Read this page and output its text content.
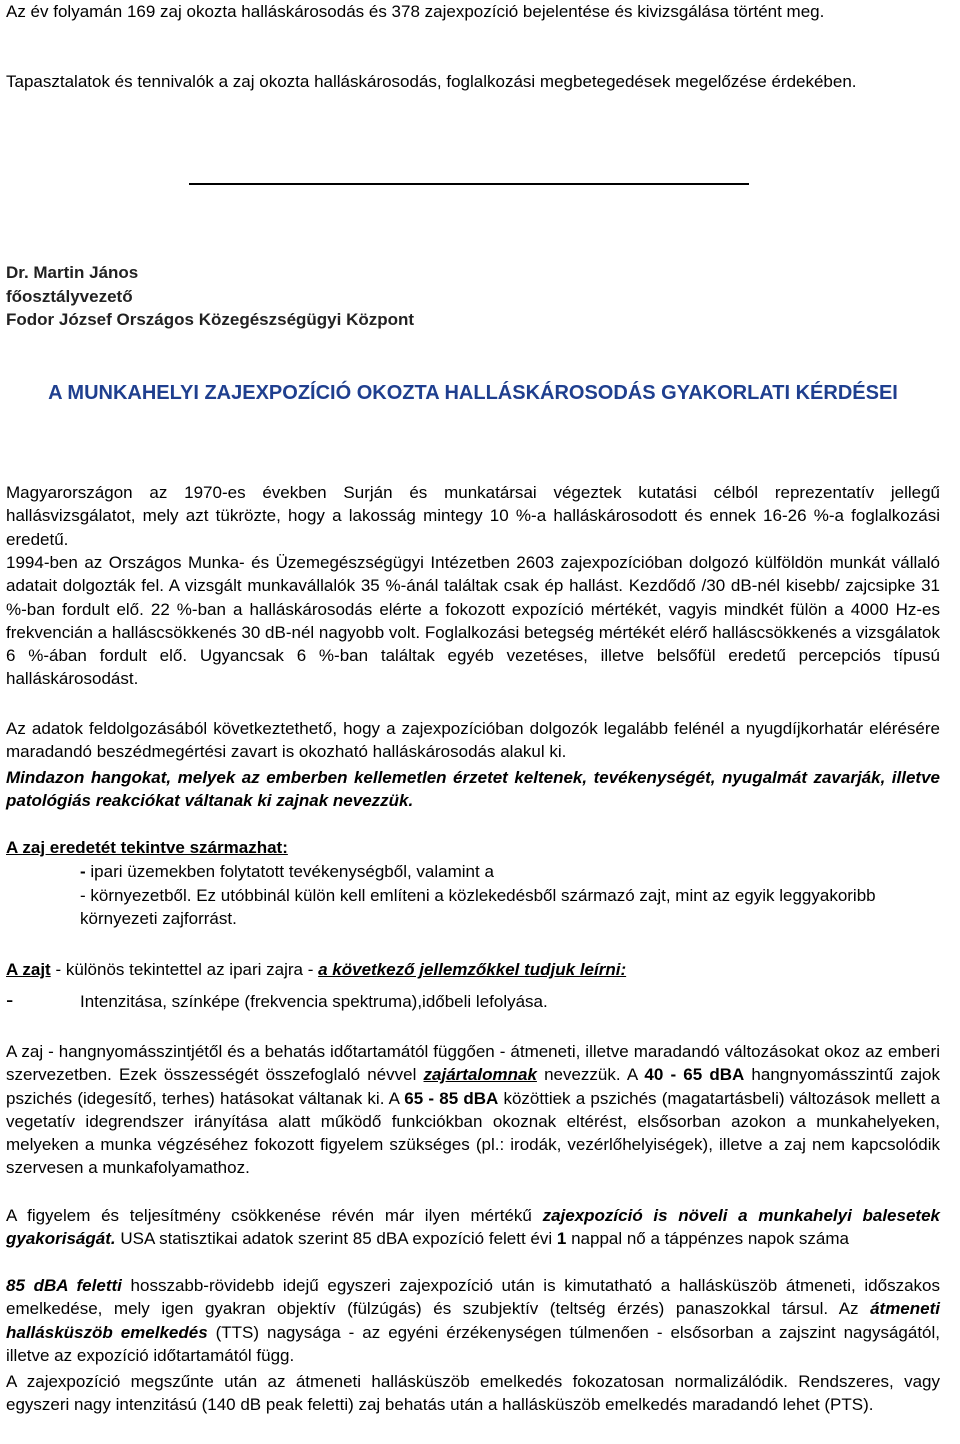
Az év folyamán 169 zaj okozta halláskárosodás és 378 zajexpozíció bejelentése és kivizsgálása történt meg.

Tapasztalatok és tennivalók a zaj okozta halláskárosodás, foglalkozási megbetegedések megelőzése érdekében.

Dr. Martin János
főosztályvezető
Fodor József Országos Közegészségügyi Központ
A MUNKAHELYI ZAJEXPOZÍCIÓ OKOZTA HALLÁSKÁROSODÁS GYAKORLATI KÉRDÉSEI

Magyarországon az 1970-es években Surján és munkatársai végeztek kutatási célból reprezentatív jellegű hallásvizsgálatot, mely azt tükrözte, hogy a lakosság mintegy 10 %-a halláskárosodott és ennek 16-26 %-a foglalkozási eredetű.

1994-ben az Országos Munka- és Üzemegészségügyi Intézetben 2603 zajexpozícióban dolgozó külföldön munkát vállaló adatait dolgozták fel. A vizsgált munkavállalók 35 %-ánál találtak csak ép hallást. Kezdődő /30 dB-nél kisebb/ zajcsipke 31 %-ban fordult elő. 22 %-ban a halláskárosodás elérte a fokozott expozíció mértékét, vagyis mindkét fülön a 4000 Hz-es frekvencián a halláscsökkenés 30 dB-nél nagyobb volt. Foglalkozási betegség mértékét elérő halláscsökkenés a vizsgálatok 6 %-ában fordult elő. Ugyancsak 6 %-ban találtak egyéb vezetéses, illetve belsőfül eredetű percepciós típusú halláskárosodást.

Az adatok feldolgozásából következtethető, hogy a zajexpozícióban dolgozók legalább felénél a nyugdíjkorhatár elérésére maradandó beszédmegértési zavart is okozható halláskárosodás alakul ki.

Mindazon hangokat, melyek az emberben kellemetlen érzetet keltenek, tevékenységét, nyugalmát zavarják, illetve patológiás reakciókat váltanak ki zajnak nevezzük.

A zaj eredetét tekintve származhat:

- ipari üzemekben folytatott tevékenységből, valamint a

- környezetből. Ez utóbbinál külön kell említeni a közlekedésből származó zajt, mint az egyik leggyakoribb környezeti zajforrást.

A zajt - különös tekintettel az ipari zajra - a következő jellemzőkkel tudjuk leírni:

-	Intenzitása, színképe (frekvencia spektruma),időbeli lefolyása.

A zaj - hangnyomásszintjétől és a behatás időtartamától függően - átmeneti, illetve maradandó változásokat okoz az emberi szervezetben. Ezek összességét összefoglaló névvel zajártalomnak nevezzük. A 40 - 65 dBA hangnyomásszintű zajok pszichés (idegesítő, terhes) hatásokat váltanak ki. A 65 - 85 dBA közöttiek a pszichés (magatartásbeli) változások mellett a vegetatív idegrendszer irányítása alatt működő funkciókban okoznak eltérést, elsősorban azokon a munkahelyeken, melyeken a munka végzéséhez fokozott figyelem szükséges (pl.: irodák, vezérlőhelyiségek), illetve a zaj nem kapcsolódik szervesen a munkafolyamathoz.

A figyelem és teljesítmény csökkenése révén már ilyen mértékű zajexpozíció is növeli a munkahelyi balesetek gyakoriságát. USA statisztikai adatok szerint 85 dBA expozíció felett évi 1 nappal nő a táppénzes napok száma

85 dBA feletti hosszabb-rövidebb idejű egyszeri zajexpozíció után is kimutatható a hallásküszöb átmeneti, időszakos emelkedése, mely igen gyakran objektív (fülzúgás) és szubjektív (teltség érzés) panaszokkal társul. Az átmeneti hallásküszöb emelkedés (TTS) nagysága - az egyéni érzékenységen túlmenően - elsősorban a zajszint nagyságától, illetve az expozíció időtartamától függ.

A zajexpozíció megszűnte után az átmeneti hallásküszöb emelkedés fokozatosan normalizálódik. Rendszeres, vagy egyszeri nagy intenzitású (140 dB peak feletti) zaj behatás után a hallásküszöb emelkedés maradandó lehet (PTS).
